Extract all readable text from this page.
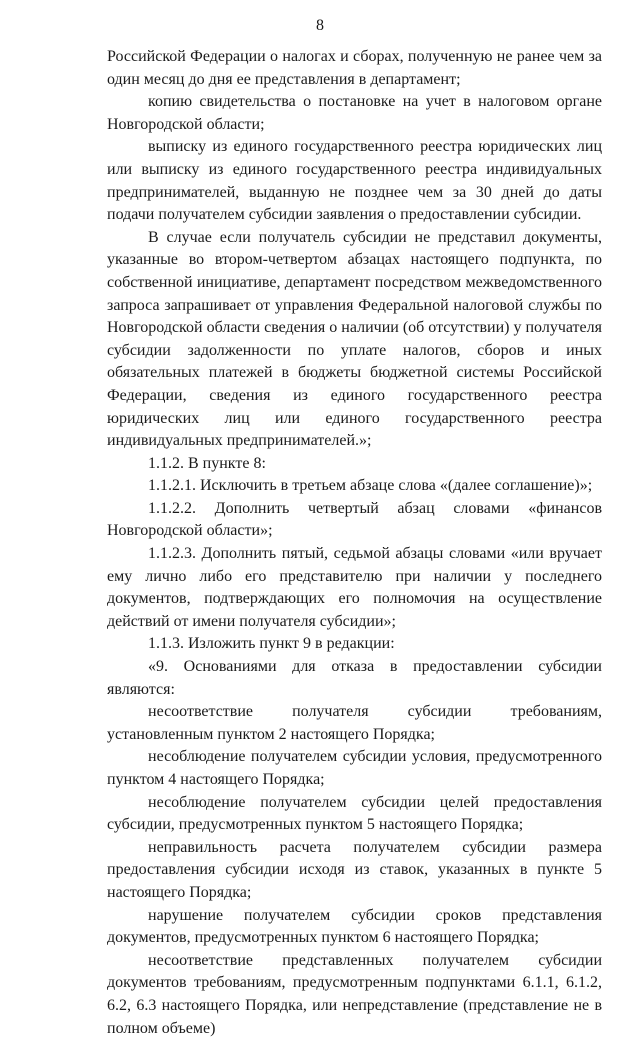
8

Российской Федерации о налогах и сборах, полученную не ранее чем за один месяц до дня ее представления в департамент;

копию свидетельства о постановке на учет в налоговом органе Новгородской области;

выписку из единого государственного реестра юридических лиц или выписку из единого государственного реестра индивидуальных предпринимателей, выданную не позднее чем за 30 дней до даты подачи получателем субсидии заявления о предоставлении субсидии.

В случае если получатель субсидии не представил документы, указанные во втором-четвертом абзацах настоящего подпункта, по собственной инициативе, департамент посредством межведомственного запроса запрашивает от управления Федеральной налоговой службы по Новгородской области сведения о наличии (об отсутствии) у получателя субсидии задолженности по уплате налогов, сборов и иных обязательных платежей в бюджеты бюджетной системы Российской Федерации, сведения из единого государственного реестра юридических лиц или единого государственного реестра индивидуальных предпринимателей.»;

1.1.2. В пункте 8:

1.1.2.1. Исключить в третьем абзаце слова «(далее соглашение)»;

1.1.2.2. Дополнить четвертый абзац словами «финансов Новгородской области»;

1.1.2.3. Дополнить пятый, седьмой абзацы словами «или вручает ему лично либо его представителю при наличии у последнего документов, подтверждающих его полномочия на осуществление действий от имени получателя субсидии»;

1.1.3. Изложить пункт 9 в редакции:

«9. Основаниями для отказа в предоставлении субсидии являются:

несоответствие получателя субсидии требованиям, установленным пунктом 2 настоящего Порядка;

несоблюдение получателем субсидии условия, предусмотренного пунктом 4 настоящего Порядка;

несоблюдение получателем субсидии целей предоставления субсидии, предусмотренных пунктом 5 настоящего Порядка;

неправильность расчета получателем субсидии размера предоставления субсидии исходя из ставок, указанных в пункте 5 настоящего Порядка;

нарушение получателем субсидии сроков представления документов, предусмотренных пунктом 6 настоящего Порядка;

несоответствие представленных получателем субсидии документов требованиям, предусмотренным подпунктами 6.1.1, 6.1.2, 6.2, 6.3 настоящего Порядка, или непредставление (представление не в полном объеме)
